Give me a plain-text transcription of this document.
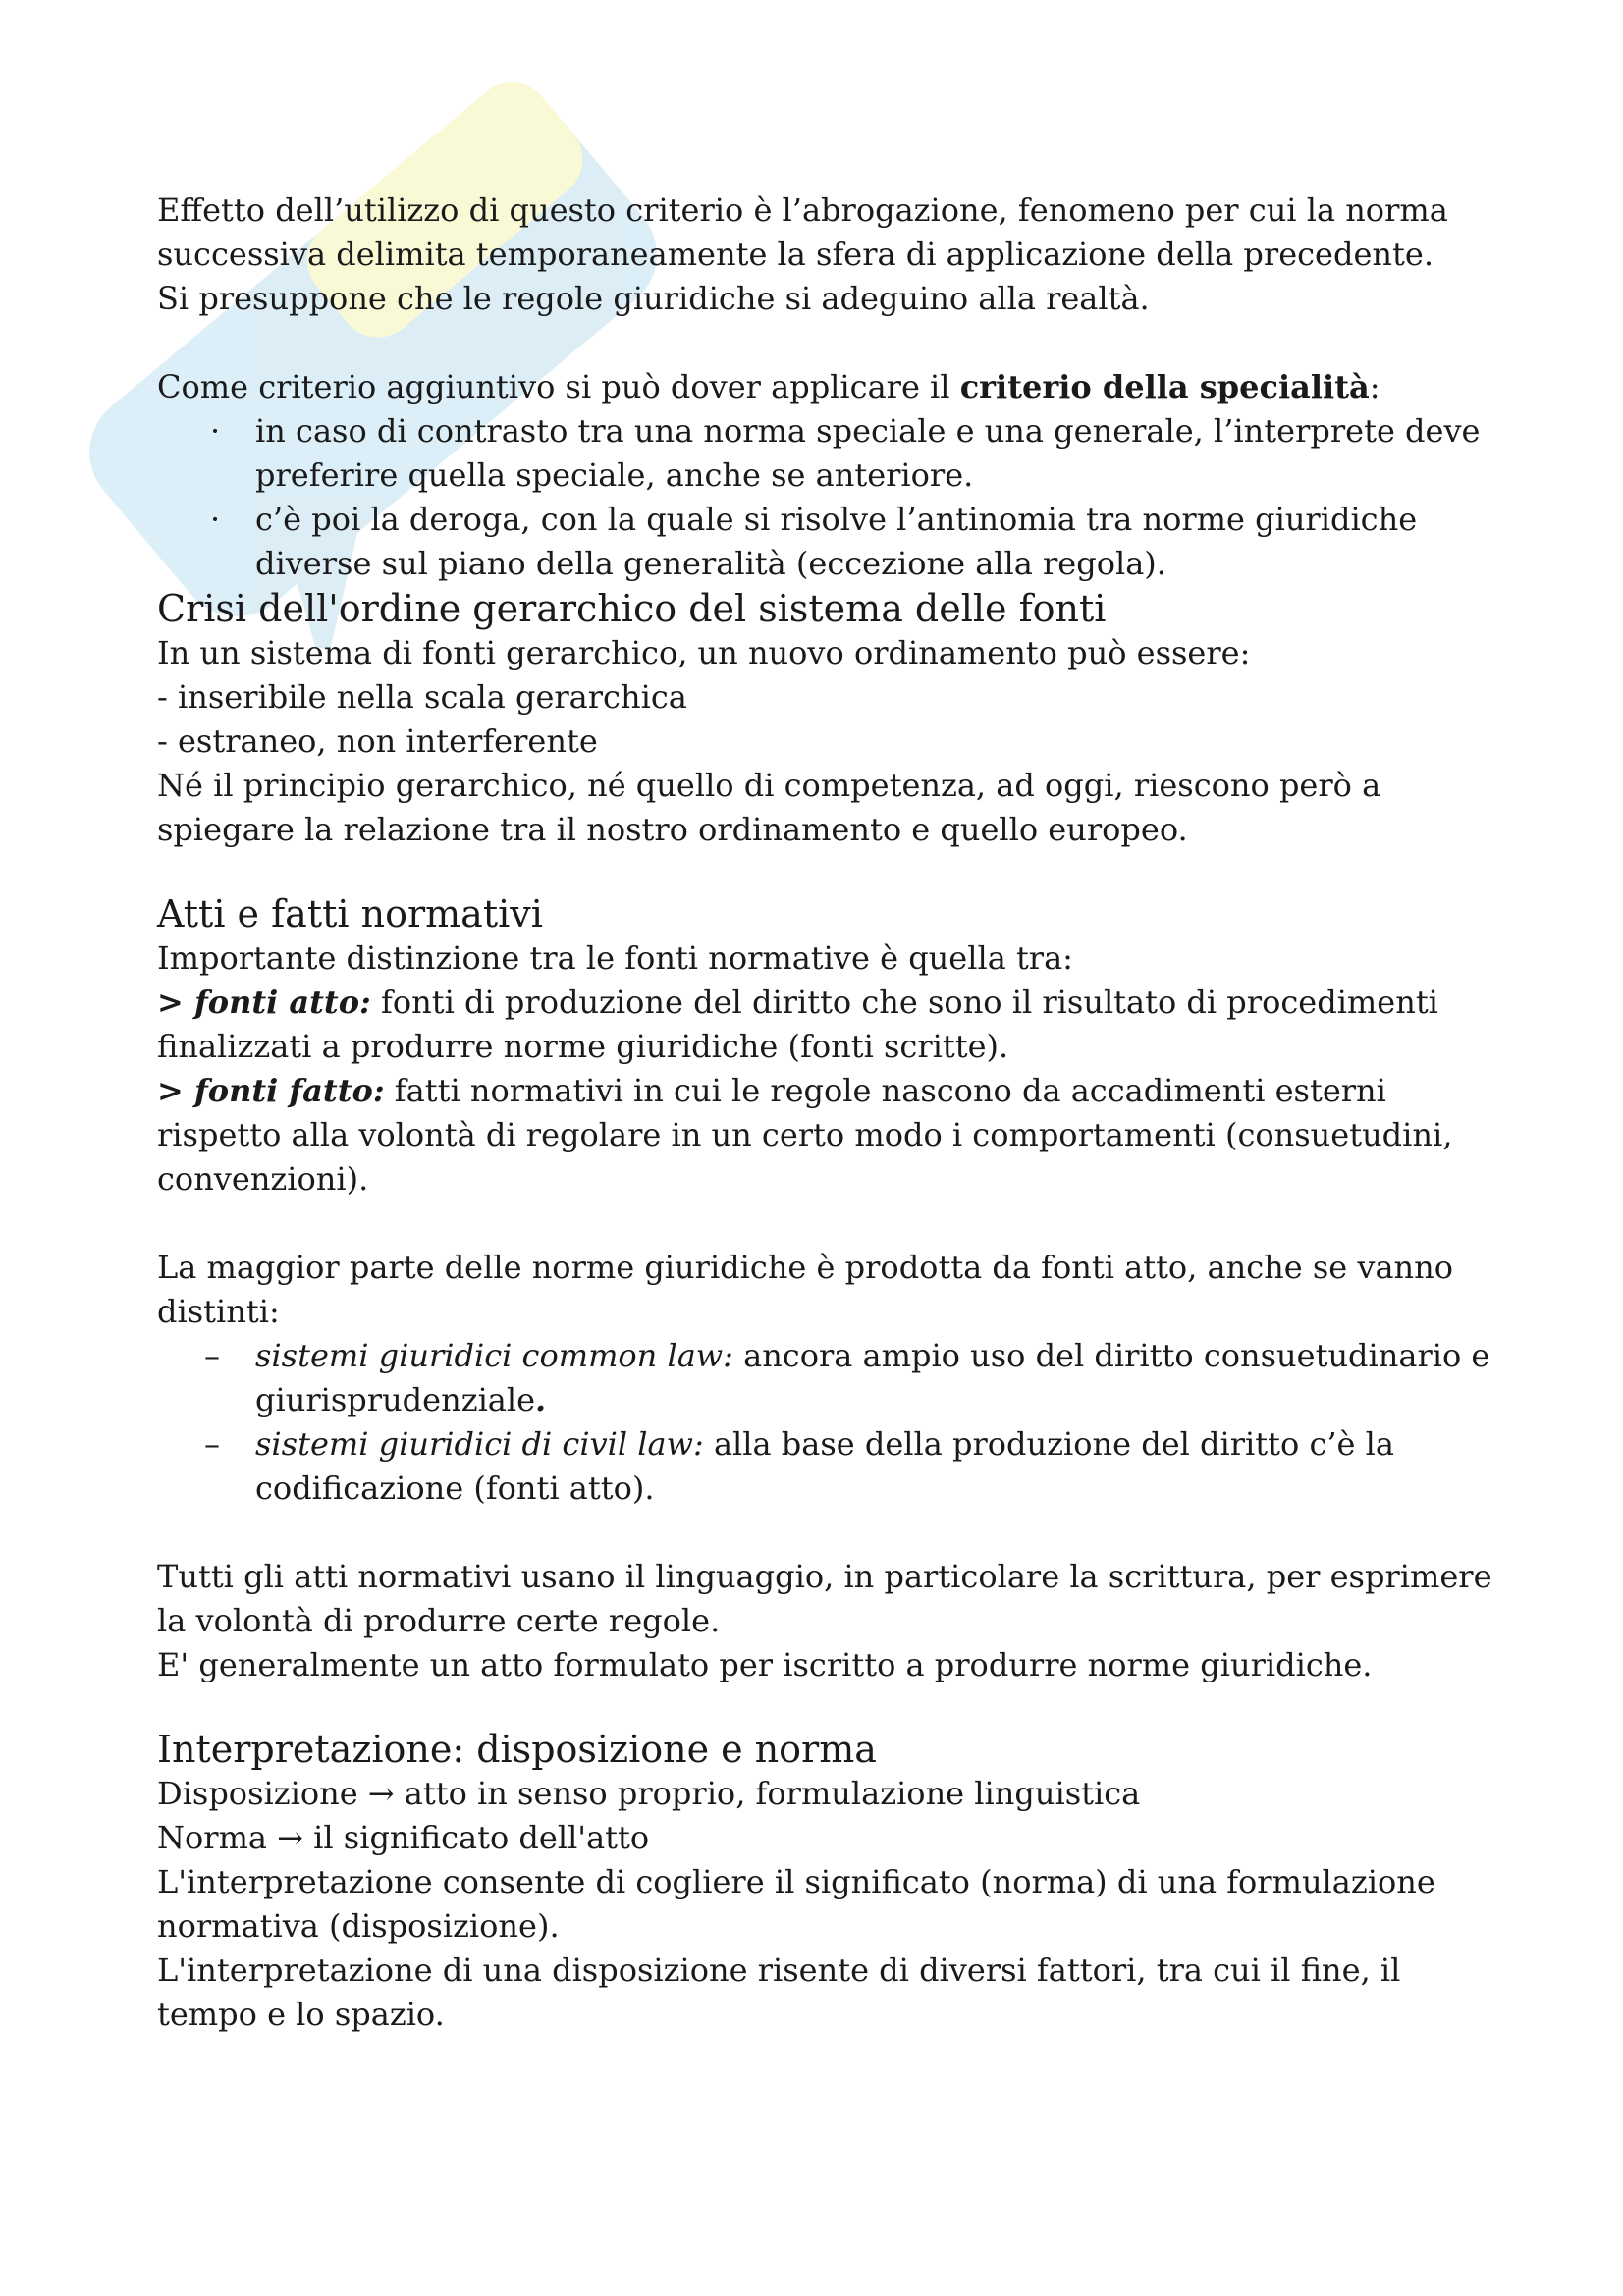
Effetto dell’utilizzo di questo criterio è l’abrogazione, fenomeno per cui la norma successiva delimita temporaneamente la sfera di applicazione della precedente.

Si presuppone che le regole giuridiche si adeguino alla realtà.

Come criterio aggiuntivo si può dover applicare il criterio della specialità:

· in caso di contrasto tra una norma speciale e una generale, l’interprete deve preferire quella speciale, anche se anteriore.
· c’è poi la deroga, con la quale si risolve l’antinomia tra norme giuridiche diverse sul piano della generalità (eccezione alla regola).
Crisi dell'ordine gerarchico del sistema delle fonti

In un sistema di fonti gerarchico, un nuovo ordinamento può essere:

- inseribile nella scala gerarchica

- estraneo, non interferente

Né il principio gerarchico, né quello di competenza, ad oggi, riescono però a spiegare la relazione tra il nostro ordinamento e quello europeo.

Atti e fatti normativi

Importante distinzione tra le fonti normative è quella tra:

> fonti atto: fonti di produzione del diritto che sono il risultato di procedimenti finalizzati a produrre norme giuridiche (fonti scritte).

> fonti fatto: fatti normativi in cui le regole nascono da accadimenti esterni rispetto alla volontà di regolare in un certo modo i comportamenti (consuetudini, convenzioni).

La maggior parte delle norme giuridiche è prodotta da fonti atto, anche se vanno distinti:

– sistemi giuridici common law: ancora ampio uso del diritto consuetudinario e giurisprudenziale.
– sistemi giuridici di civil law: alla base della produzione del diritto c’è la codificazione (fonti atto).

Tutti gli atti normativi usano il linguaggio, in particolare la scrittura, per esprimere la volontà di produrre certe regole.

E' generalmente un atto formulato per iscritto a produrre norme giuridiche.

Interpretazione: disposizione e norma

Disposizione → atto in senso proprio, formulazione linguistica

Norma → il significato dell'atto

L'interpretazione consente di cogliere il significato (norma) di una formulazione normativa (disposizione).

L'interpretazione di una disposizione risente di diversi fattori, tra cui il fine, il tempo e lo spazio.
